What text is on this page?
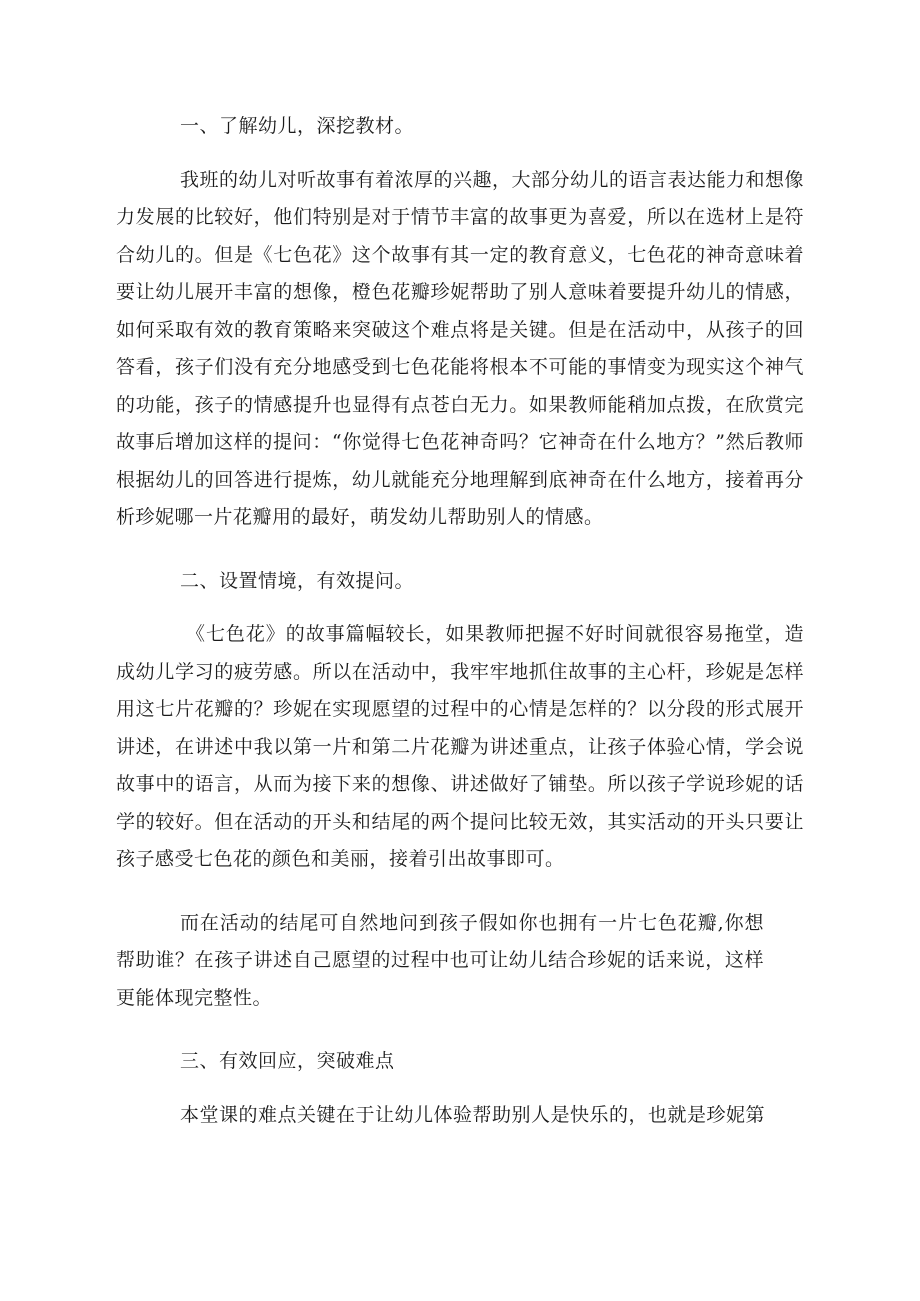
一、了解幼儿，深挖教材。

我班的幼儿对听故事有着浓厚的兴趣，大部分幼儿的语言表达能力和想像力发展的比较好，他们特别是对于情节丰富的故事更为喜爱，所以在选材上是符合幼儿的。但是《七色花》这个故事有其一定的教育意义，七色花的神奇意味着要让幼儿展开丰富的想像，橙色花瓣珍妮帮助了别人意味着要提升幼儿的情感，如何采取有效的教育策略来突破这个难点将是关键。但是在活动中，从孩子的回答看，孩子们没有充分地感受到七色花能将根本不可能的事情变为现实这个神气的功能，孩子的情感提升也显得有点苍白无力。如果教师能稍加点拨，在欣赏完故事后增加这样的提问：“你觉得七色花神奇吗？它神奇在什么地方？”然后教师根据幼儿的回答进行提炼，幼儿就能充分地理解到底神奇在什么地方，接着再分析珍妮哪一片花瓣用的最好，萌发幼儿帮助别人的情感。

二、设置情境，有效提问。

《七色花》的故事篇幅较长，如果教师把握不好时间就很容易拖堂，造成幼儿学习的疲劳感。所以在活动中，我牢牢地抓住故事的主心杆，珍妮是怎样用这七片花瓣的？珍妮在实现愿望的过程中的心情是怎样的？以分段的形式展开讲述，在讲述中我以第一片和第二片花瓣为讲述重点，让孩子体验心情，学会说故事中的语言，从而为接下来的想像、讲述做好了铺垫。所以孩子学说珍妮的话学的较好。但在活动的开头和结尾的两个提问比较无效，其实活动的开头只要让孩子感受七色花的颜色和美丽，接着引出故事即可。

而在活动的结尾可自然地问到孩子假如你也拥有一片七色花瓣,你想帮助谁？在孩子讲述自己愿望的过程中也可让幼儿结合珍妮的话来说，这样更能体现完整性。

三、有效回应，突破难点

本堂课的难点关键在于让幼儿体验帮助别人是快乐的，也就是珍妮第
